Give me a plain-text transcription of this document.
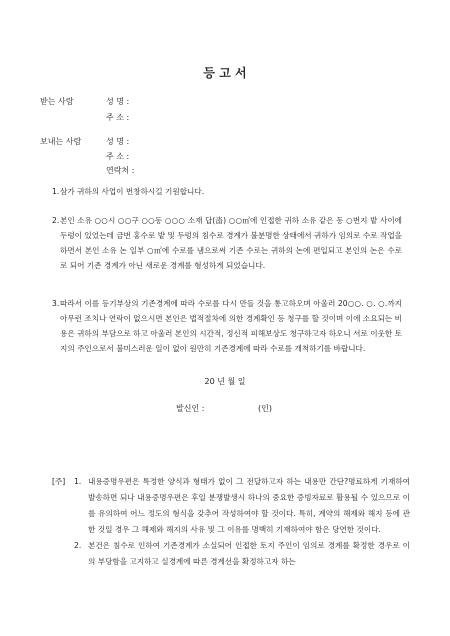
등 고 서
받는 사람	성 명 :
주 소 :
보내는 사람	성 명 :
주 소 :
연락처 :
1. 삼가 귀하의 사업이 번창하시길 기원합니다.
2. 본인 소유 ○○시 ○○구 ○○동 ○○○ 소재 답(畓) ○○㎡에 인접한 귀하 소유 같은 동 ○번지 밭 사이에 두렁이 있었는데 금번 홍수로 밭 및 두렁의 침수로 경계가 불분명한 상태에서 귀하가 임의로 수로 작업을 하면서 본인 소유 논 일부 ○㎡에 수로를 냄으로써 기존 수로는 귀하의 논에 편입되고 본인의 논은 수로로 되어 기존 경계가 아닌 새로운 경계를 형성하게 되었습니다.
3. 따라서 이를 등기부상의 기존경계에 따라 수로를 다시 만들 것을 통고하오며 아울러 20○○. ○. ○.까지 아무런 조치나 연락이 없으시면 본인은 법적절차에 의한 경계확인 등 청구를 할 것이며 이에 소요되는 비용은 귀하의 부담으로 하고 아울러 본인의 시간적, 정신적 피해보상도 청구하고자 하오니 서로 이웃한 토지의 주인으로서 불미스러운 일이 없이 원만히 기존경계에 따라 수로를 개척하기를 바랍니다.
20 년 월 일
발신인 :	(인)
[주] 1. 내용증명우편은 특정한 양식과 형태가 없이 그 전달하고자 하는 내용만 간단?명료하게 기재하여 발송하면 되나 내용증명우편은 후일 분쟁발생시 하나의 중요한 증빙자료로 활용될 수 있으므로 이를 유의하여 어느 정도의 형식을 갖추어 작성하여야 할 것이다. 특히, 계약의 해제와 해지 등에 관한 것일 경우 그 해제와 해지의 사유 및 그 이유를 명백히 기재하여야 함은 당연한 것이다.
2. 본건은 침수로 인하여 기존경계가 소실되어 인접한 토지 주인이 임의로 경계를 확정한 경우로 이의 부당함을 고지하고 실경계에 따른 경계선을 확정하고자 하는
